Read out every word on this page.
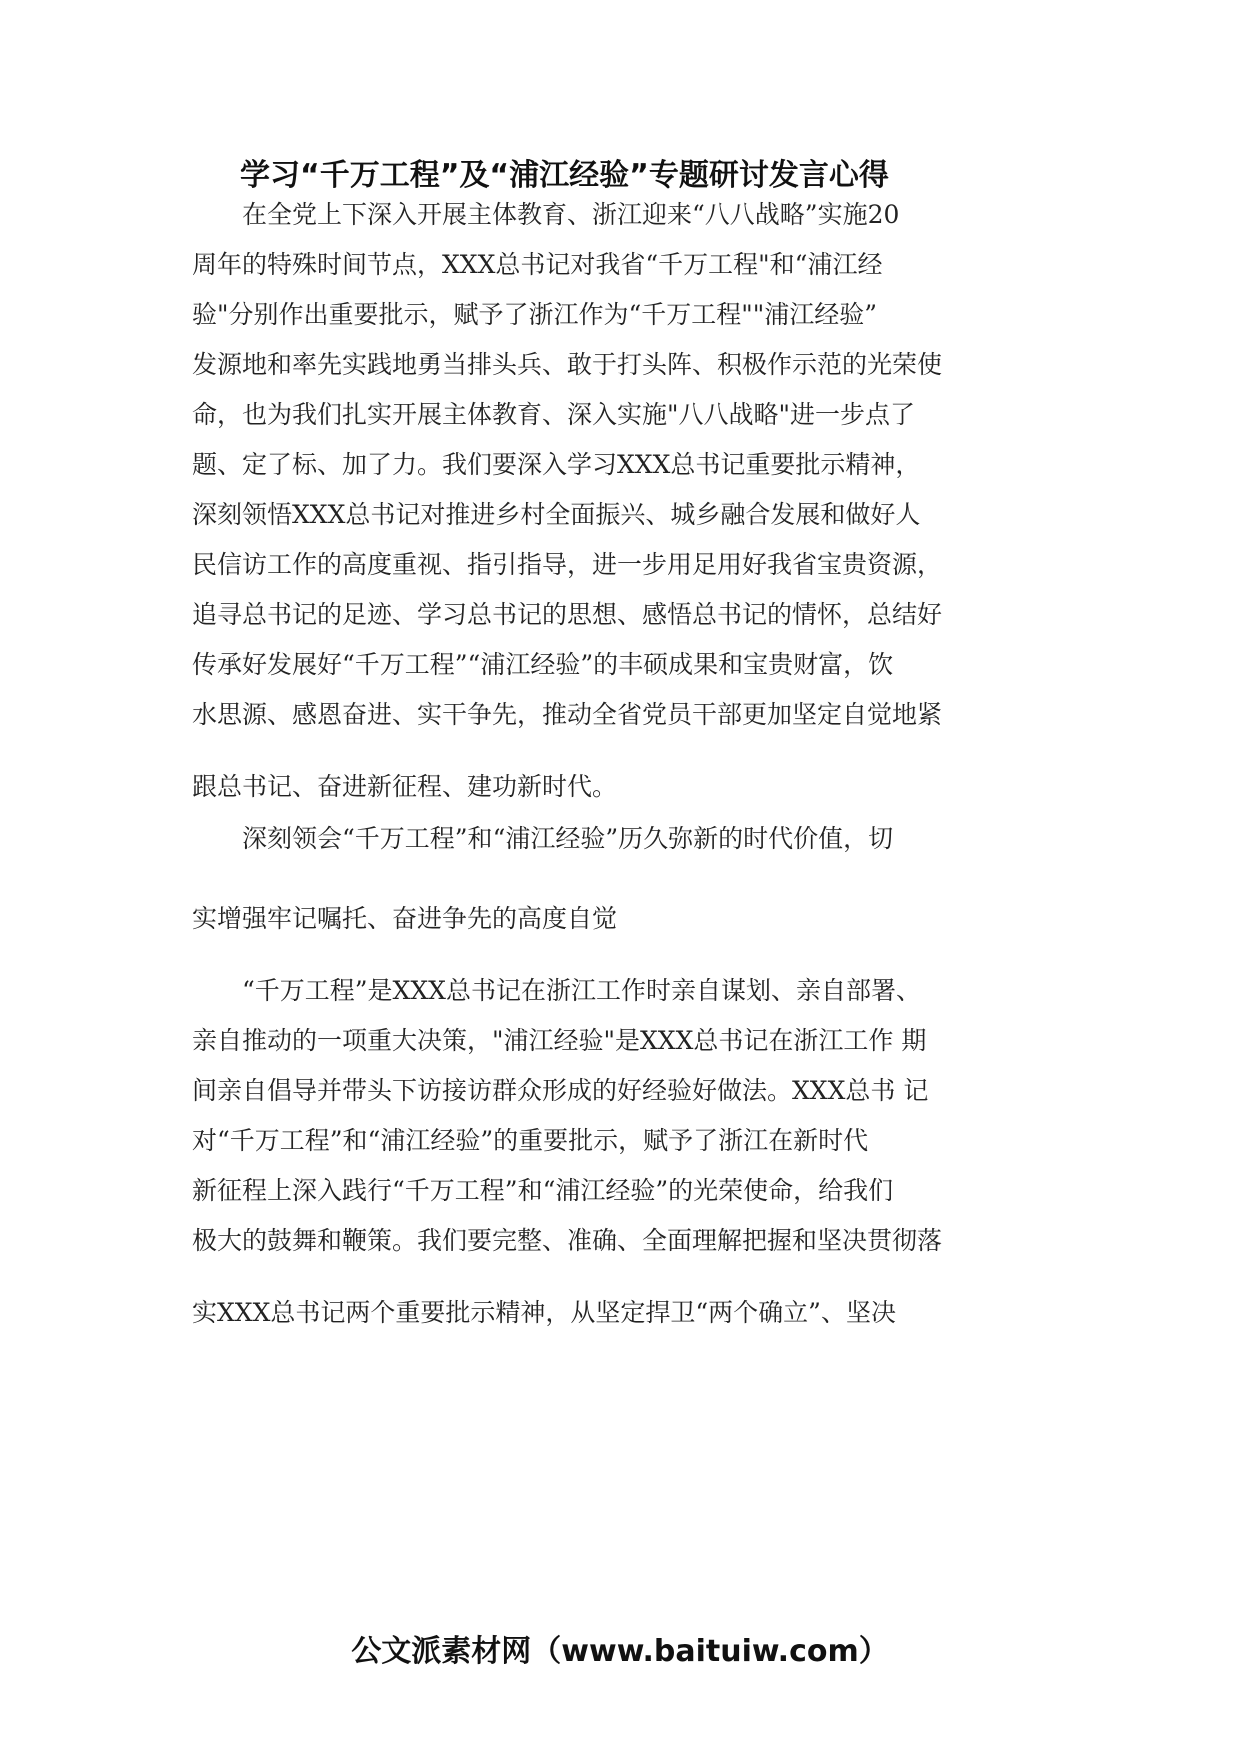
学习“千万工程”及“浦江经验”专题研讨发言心得
　　在全党上下深入开展主体教育、浙江迎来“八八战略”实施20
周年的特殊时间节点，XXX总书记对我省“千万工程"和“浦江经
验"分别作出重要批示，赋予了浙江作为“千万工程""浦江经验”
发源地和率先实践地勇当排头兵、敢于打头阵、积极作示范的光荣使
命，也为我们扎实开展主体教育、深入实施"八八战略"进一步点了
题、定了标、加了力。我们要深入学习XXX总书记重要批示精神，
深刻领悟XXX总书记对推进乡村全面振兴、城乡融合发展和做好人
民信访工作的高度重视、指引指导，进一步用足用好我省宝贵资源，
追寻总书记的足迹、学习总书记的思想、感悟总书记的情怀，总结好
传承好发展好“千万工程”“浦江经验”的丰硕成果和宝贵财富，饮
水思源、感恩奋进、实干争先，推动全省党员干部更加坚定自觉地紧
跟总书记、奋进新征程、建功新时代。
　　深刻领会“千万工程”和“浦江经验”历久弥新的时代价值，切
实增强牢记嘱托、奋进争先的高度自觉
　　“千万工程”是XXX总书记在浙江工作时亲自谋划、亲自部署、
亲自推动的一项重大决策，"浦江经验"是XXX总书记在浙江工作 期
间亲自倡导并带头下访接访群众形成的好经验好做法。XXX总书 记
对“千万工程”和“浦江经验”的重要批示，赋予了浙江在新时代
新征程上深入践行“千万工程”和“浦江经验”的光荣使命，给我们
极大的鼓舞和鞭策。我们要完整、准确、全面理解把握和坚决贯彻落
实XXX总书记两个重要批示精神，从坚定捍卫“两个确立”、坚决
公文派素材网（www.baituiw.com）
